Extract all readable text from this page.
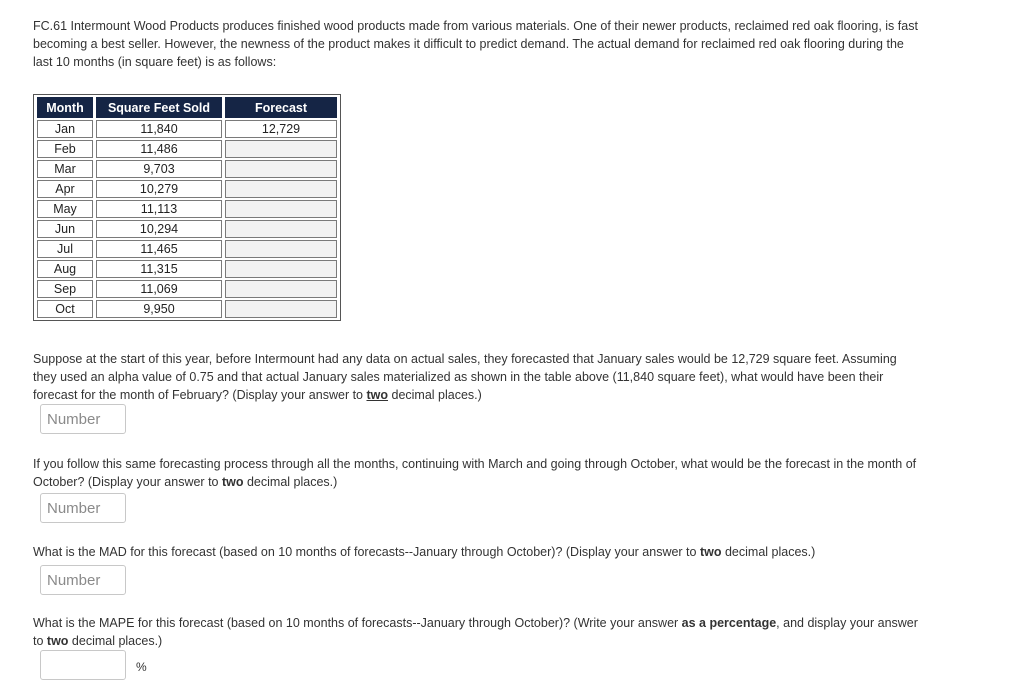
FC.61 Intermount Wood Products produces finished wood products made from various materials. One of their newer products, reclaimed red oak flooring, is fast becoming a best seller. However, the newness of the product makes it difficult to predict demand. The actual demand for reclaimed red oak flooring during the last 10 months (in square feet) is as follows:

Month	Square Feet Sold	Forecast
Jan	11,840	12,729
Feb	11,486	
Mar	9,703	
Apr	10,279	
May	11,113	
Jun	10,294	
Jul	11,465	
Aug	11,315	
Sep	11,069	
Oct	9,950	

Suppose at the start of this year, before Intermount had any data on actual sales, they forecasted that January sales would be 12,729 square feet. Assuming they used an alpha value of 0.75 and that actual January sales materialized as shown in the table above (11,840 square feet), what would have been their forecast for the month of February? (Display your answer to two decimal places.)

Number

If you follow this same forecasting process through all the months, continuing with March and going through October, what would be the forecast in the month of October? (Display your answer to two decimal places.)

Number

What is the MAD for this forecast (based on 10 months of forecasts--January through October)? (Display your answer to two decimal places.)

Number

What is the MAPE for this forecast (based on 10 months of forecasts--January through October)? (Write your answer as a percentage, and display your answer to two decimal places.)

%
